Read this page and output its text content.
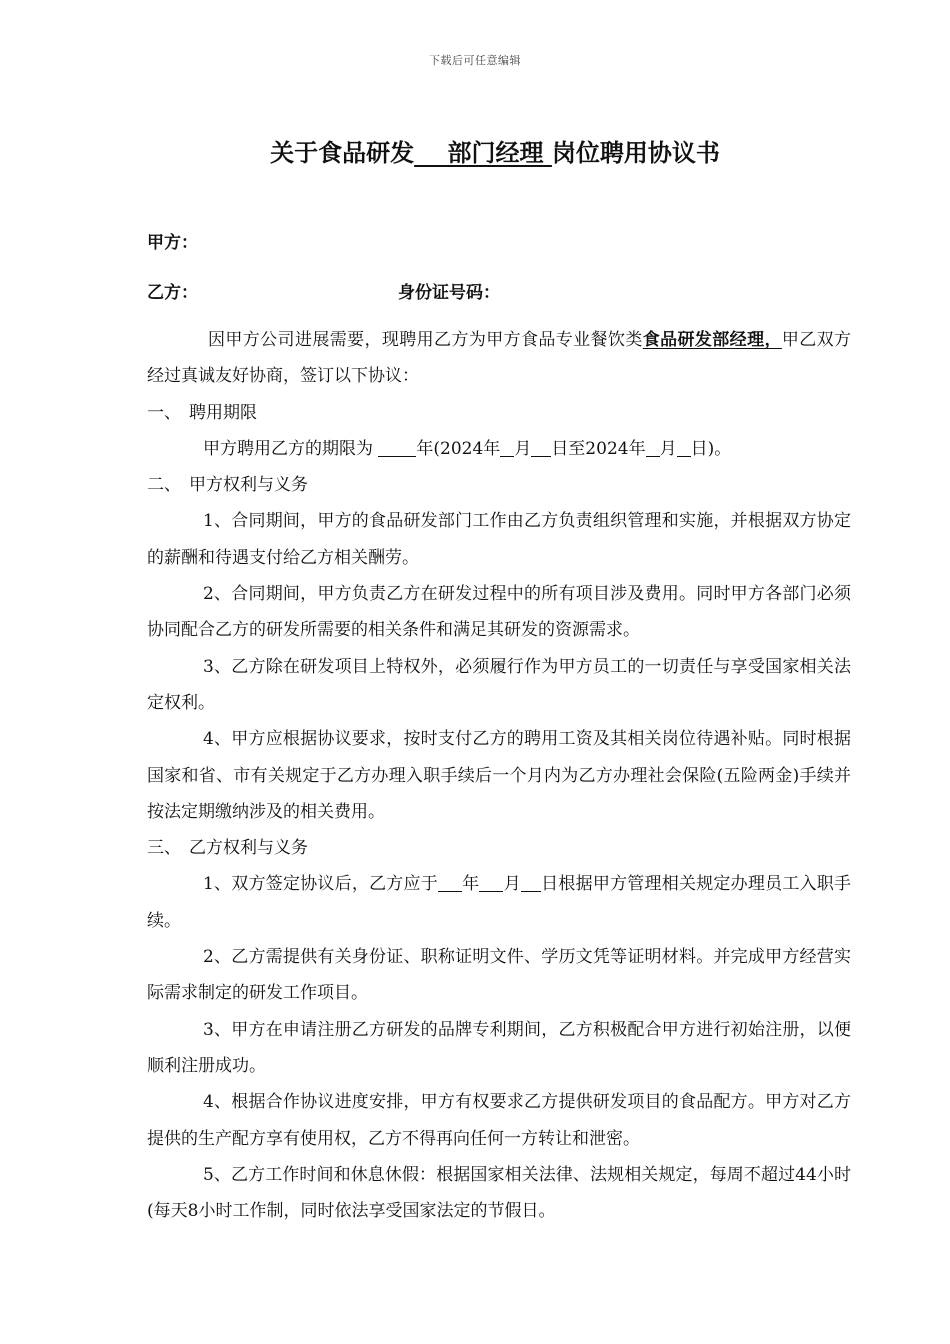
下载后可任意编辑
关于食品研发 部门经理 岗位聘用协议书
甲方：
乙方：	身份证号码：

因甲方公司进展需要，现聘用乙方为甲方食品专业餐饮类食品研发部经理，甲乙双方经过真诚友好协商，签订以下协议：

一、 聘用期限

甲方聘用乙方的期限为	年(2024年 月 日至2024年 月 日)。

二、 甲方权利与义务

1、合同期间，甲方的食品研发部门工作由乙方负责组织管理和实施，并根据双方协定的薪酬和待遇支付给乙方相关酬劳。

2、合同期间，甲方负责乙方在研发过程中的所有项目涉及费用。同时甲方各部门必须协同配合乙方的研发所需要的相关条件和满足其研发的资源需求。

3、乙方除在研发项目上特权外，必须履行作为甲方员工的一切责任与享受国家相关法定权利。

4、甲方应根据协议要求，按时支付乙方的聘用工资及其相关岗位待遇补贴。同时根据国家和省、市有关规定于乙方办理入职手续后一个月内为乙方办理社会保险(五险两金)手续并按法定期缴纳涉及的相关费用。

三、 乙方权利与义务

1、双方签定协议后，乙方应于 年 月 日根据甲方管理相关规定办理员工入职手续。

2、乙方需提供有关身份证、职称证明文件、学历文凭等证明材料。并完成甲方经营实际需求制定的研发工作项目。

3、甲方在申请注册乙方研发的品牌专利期间，乙方积极配合甲方进行初始注册，以便顺利注册成功。

4、根据合作协议进度安排，甲方有权要求乙方提供研发项目的食品配方。甲方对乙方提供的生产配方享有使用权，乙方不得再向任何一方转让和泄密。

5、乙方工作时间和休息休假：根据国家相关法律、法规相关规定，每周不超过44小时(每天8小时工作制，同时依法享受国家法定的节假日。
